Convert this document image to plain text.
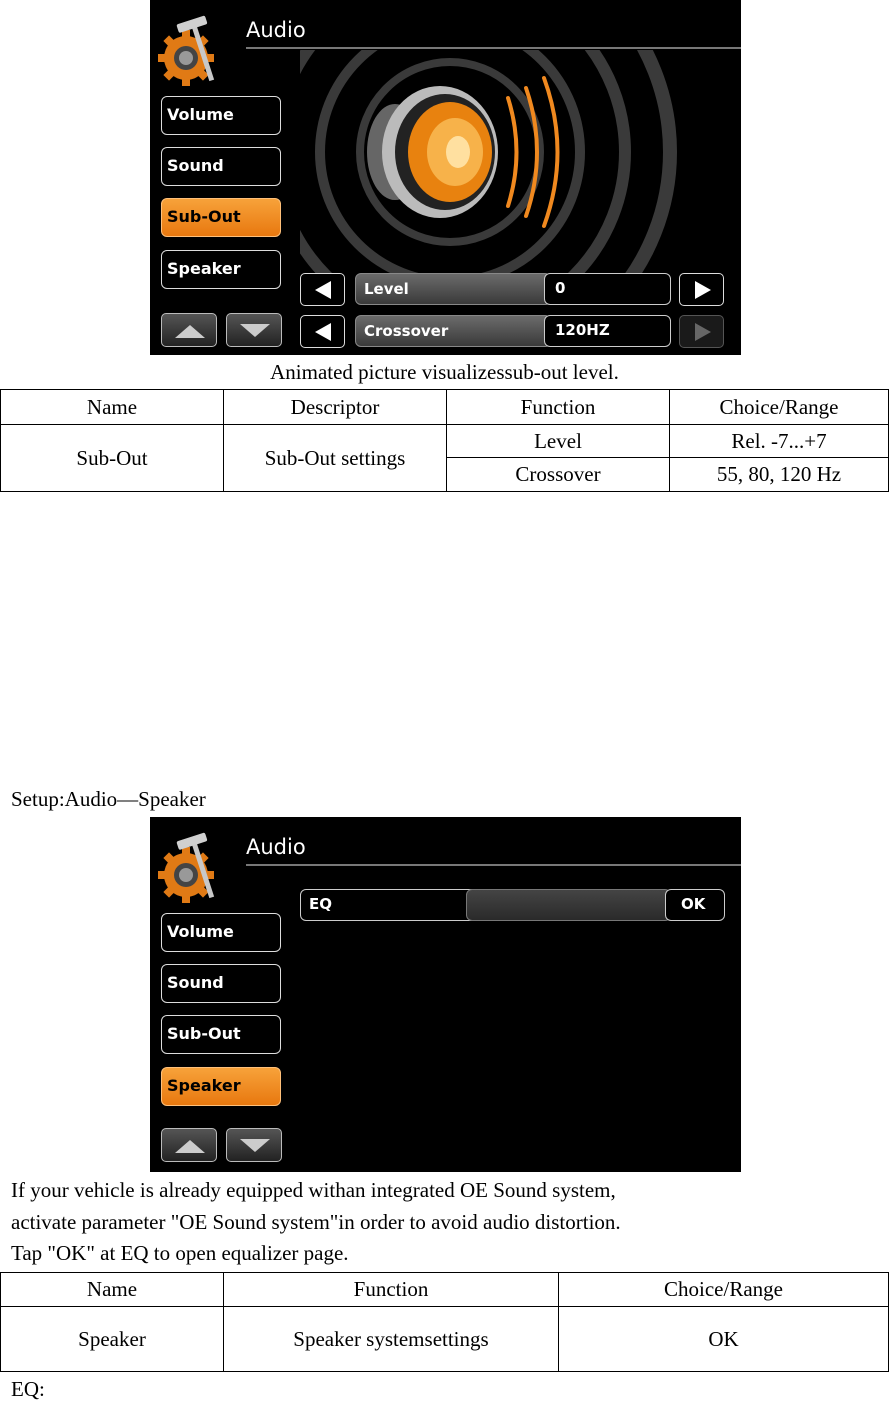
Audio
Volume
Sound
Sub-Out
Speaker
Level	0
Crossover	120HZ
Animated picture visualizessub-out level.
Name	Descriptor	Function	Choice/Range
Sub-Out	Sub-Out settings	Level	Rel. -7...+7
		Crossover	55, 80, 120 Hz
Setup:Audio—Speaker
Audio
EQ	OK
Volume
Sound
Sub-Out
Speaker
If your vehicle is already equipped withan integrated OE Sound system,
activate parameter "OE Sound system"in order to avoid audio distortion.
Tap "OK" at EQ to open equalizer page.
Name	Function	Choice/Range
Speaker	Speaker systemsettings	OK
EQ:
